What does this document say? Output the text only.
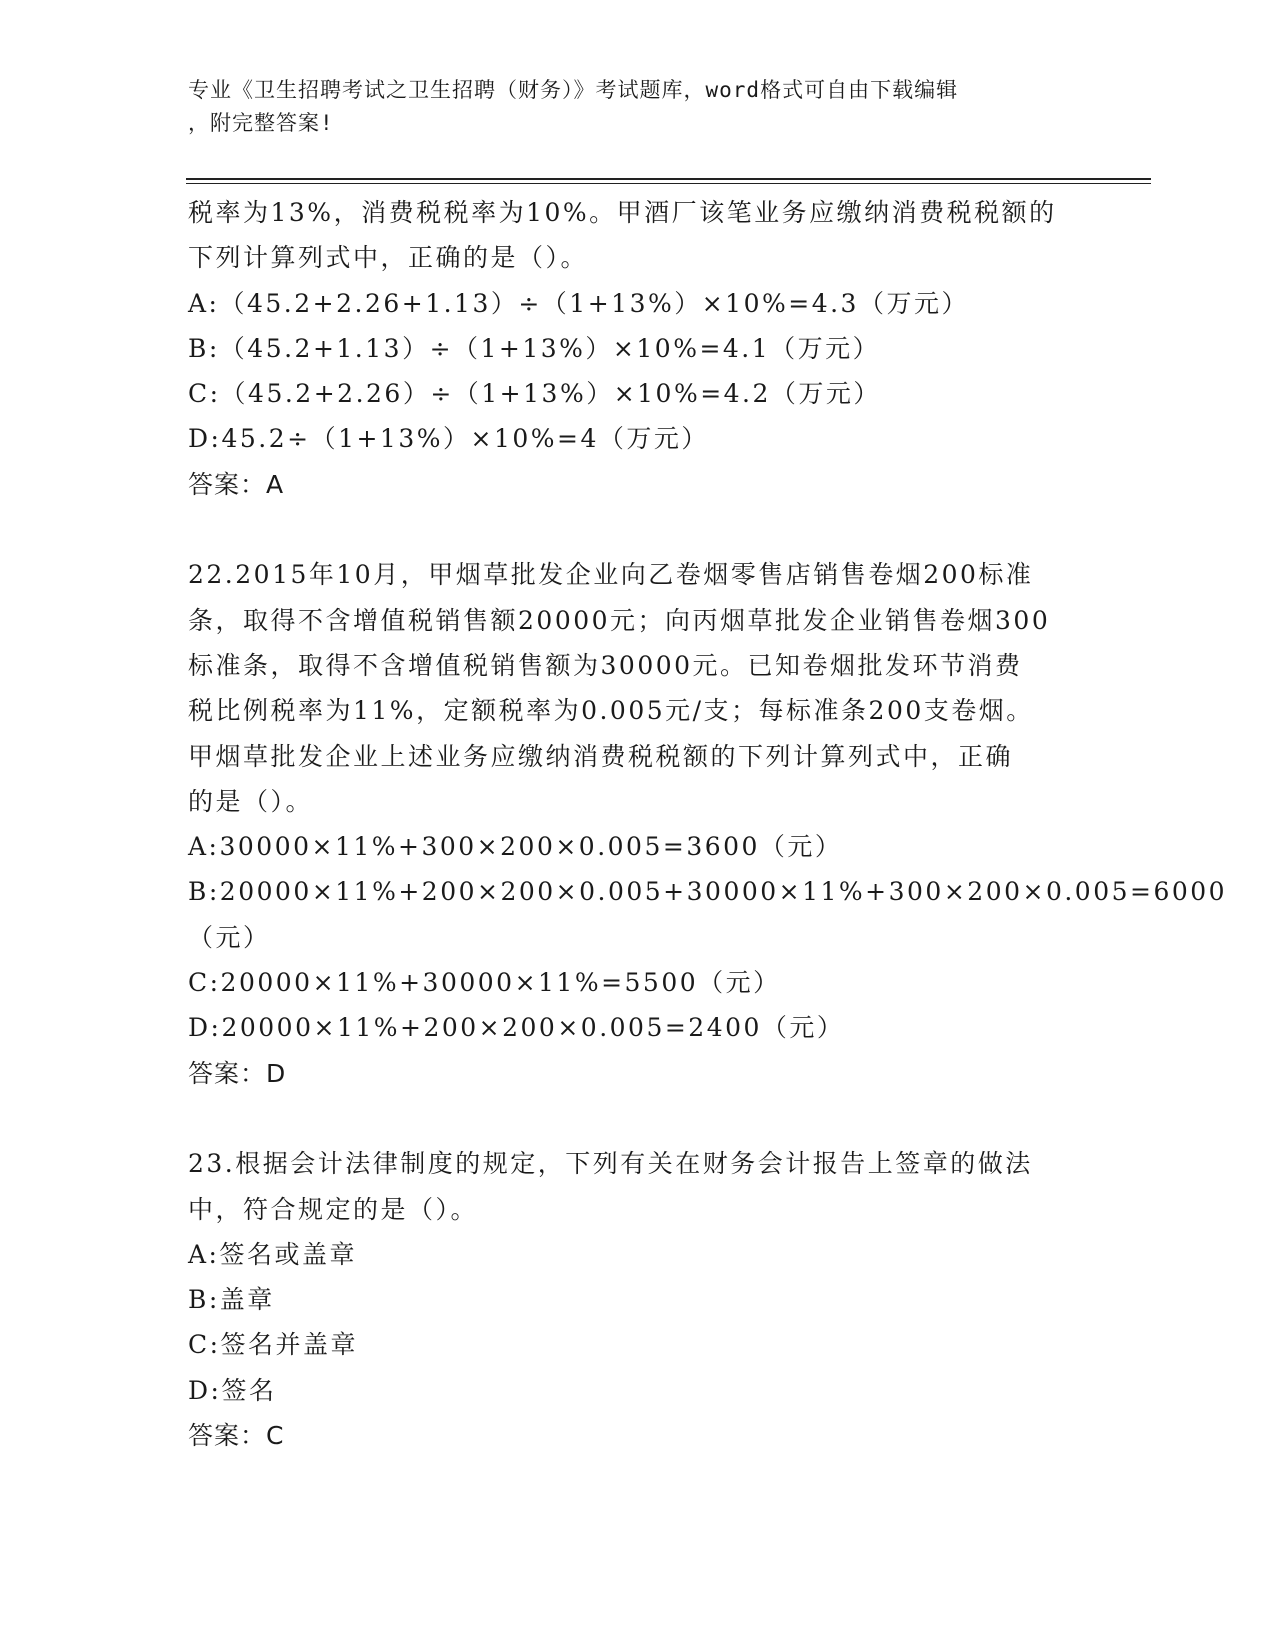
专业《卫生招聘考试之卫生招聘（财务）》考试题库，word格式可自由下载编辑
，附完整答案!
税率为13%，消费税税率为10%。甲酒厂该笔业务应缴纳消费税税额的
下列计算列式中，正确的是（）。
A:（45.2+2.26+1.13）÷（1+13%）×10%=4.3（万元）
B:（45.2+1.13）÷（1+13%）×10%=4.1（万元）
C:（45.2+2.26）÷（1+13%）×10%=4.2（万元）
D:45.2÷（1+13%）×10%=4（万元）
答案：A
22.2015年10月，甲烟草批发企业向乙卷烟零售店销售卷烟200标准
条，取得不含增值税销售额20000元；向丙烟草批发企业销售卷烟300
标准条，取得不含增值税销售额为30000元。已知卷烟批发环节消费
税比例税率为11%，定额税率为0.005元/支；每标准条200支卷烟。
甲烟草批发企业上述业务应缴纳消费税税额的下列计算列式中，正确
的是（）。
A:30000×11%+300×200×0.005=3600（元）
B:20000×11%+200×200×0.005+30000×11%+300×200×0.005=6000
（元）
C:20000×11%+30000×11%=5500（元）
D:20000×11%+200×200×0.005=2400（元）
答案：D
23.根据会计法律制度的规定，下列有关在财务会计报告上签章的做法
中，符合规定的是（）。
A:签名或盖章
B:盖章
C:签名并盖章
D:签名
答案：C
